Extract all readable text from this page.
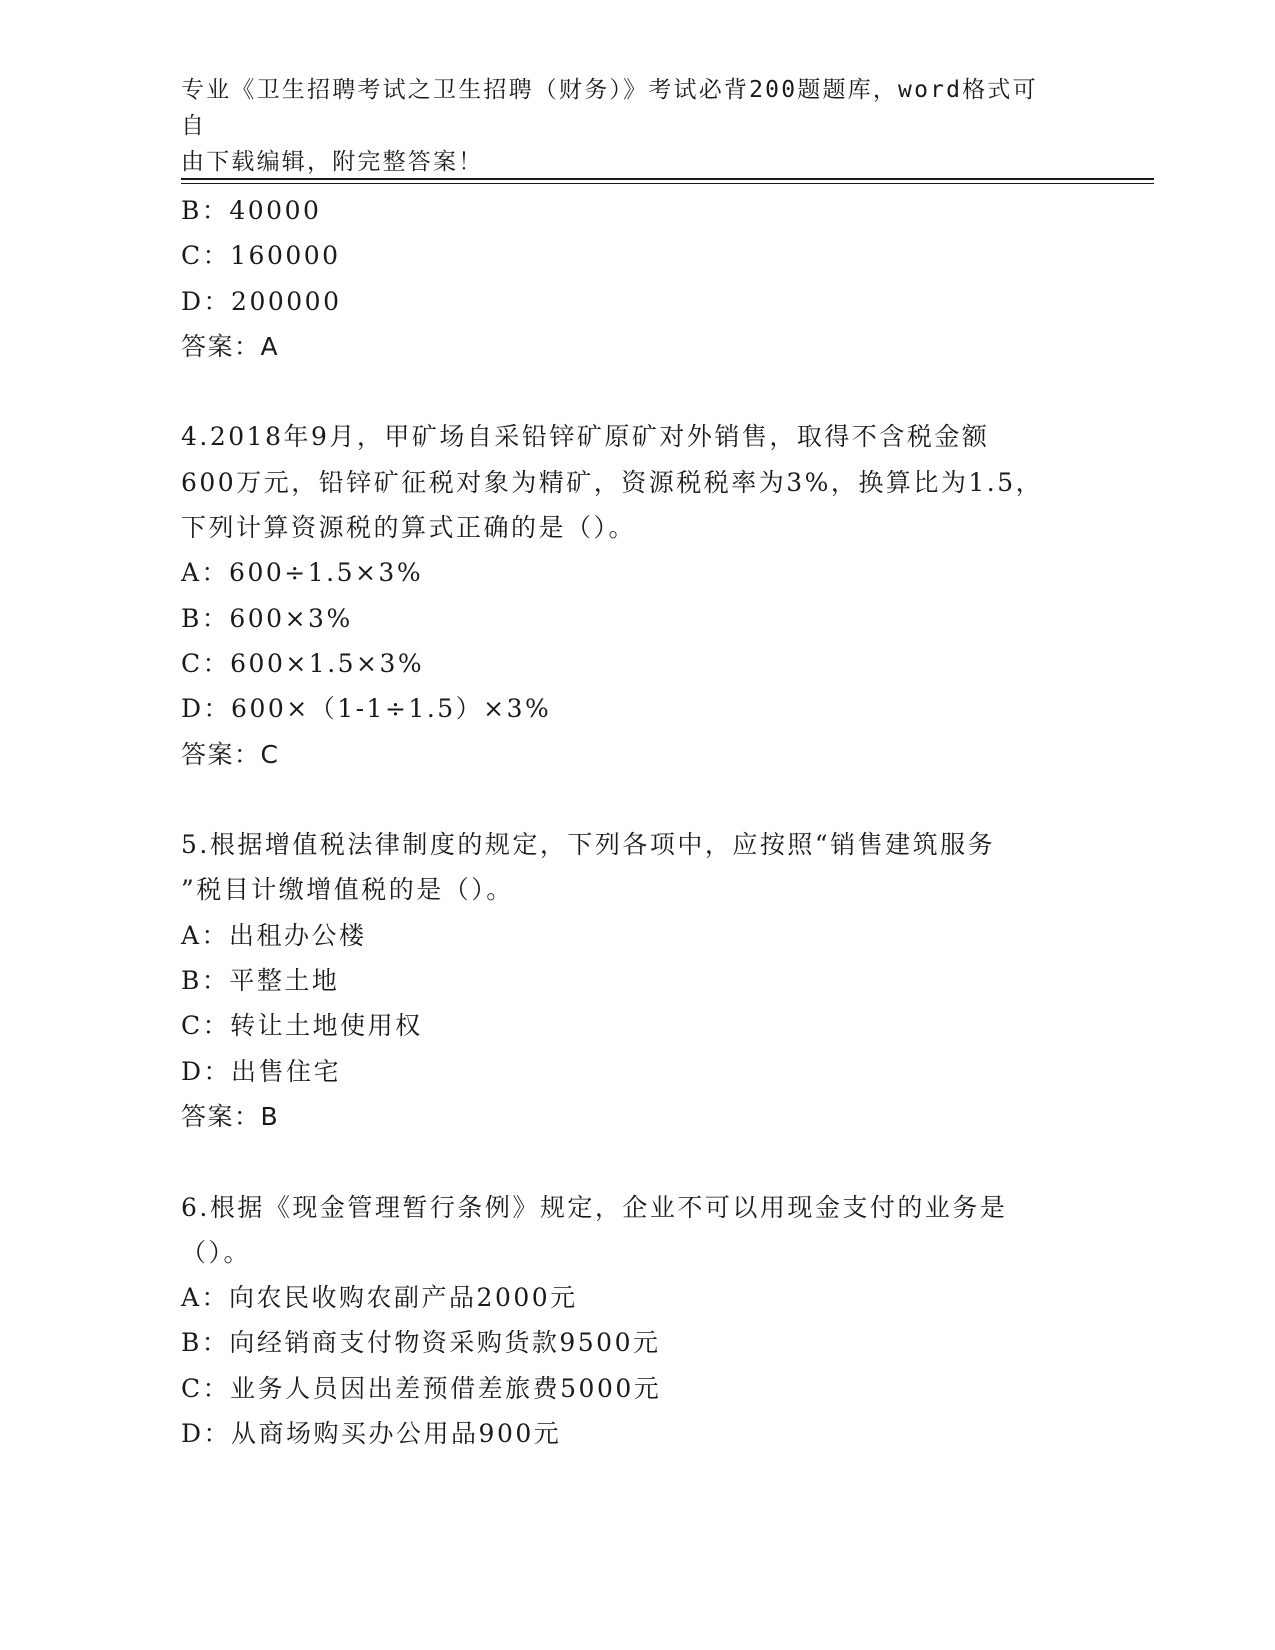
专业《卫生招聘考试之卫生招聘（财务）》考试必背200题题库，word格式可自
由下载编辑，附完整答案！
B：40000
C：160000
D：200000
答案：A
4.2018年9月，甲矿场自采铅锌矿原矿对外销售，取得不含税金额
600万元，铅锌矿征税对象为精矿，资源税税率为3%，换算比为1.5，
下列计算资源税的算式正确的是（）。
A：600÷1.5×3%
B：600×3%
C：600×1.5×3%
D：600×（1-1÷1.5）×3%
答案：C
5.根据增值税法律制度的规定，下列各项中，应按照“销售建筑服务
”税目计缴增值税的是（）。
A：出租办公楼
B：平整土地
C：转让土地使用权
D：出售住宅
答案：B
6.根据《现金管理暂行条例》规定，企业不可以用现金支付的业务是
（）。
A：向农民收购农副产品2000元
B：向经销商支付物资采购货款9500元
C：业务人员因出差预借差旅费5000元
D：从商场购买办公用品900元
